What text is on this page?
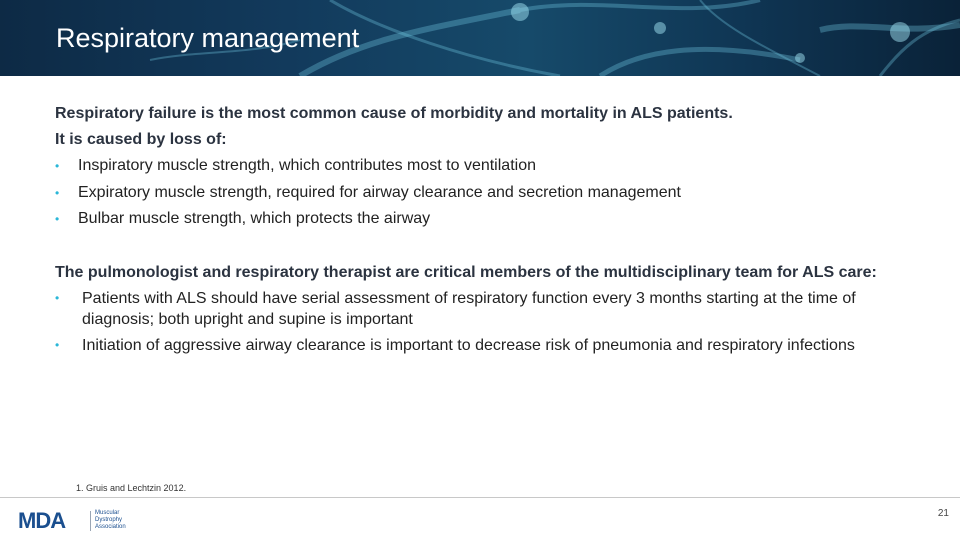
Respiratory management
Respiratory failure is the most common cause of morbidity and mortality in ALS patients.
It is caused by loss of:
• Inspiratory muscle strength, which contributes most to ventilation
• Expiratory muscle strength, required for airway clearance and secretion management
• Bulbar muscle strength, which protects the airway
The pulmonologist and respiratory therapist are critical members of the multidisciplinary team for ALS care:
• Patients with ALS should have serial assessment of respiratory function every 3 months starting at the time of diagnosis; both upright and supine is important
• Initiation of aggressive airway clearance is important to decrease risk of pneumonia and respiratory infections
1. Gruis and Lechtzin 2012.
MDA	Muscular
Dystrophy
Association
21
